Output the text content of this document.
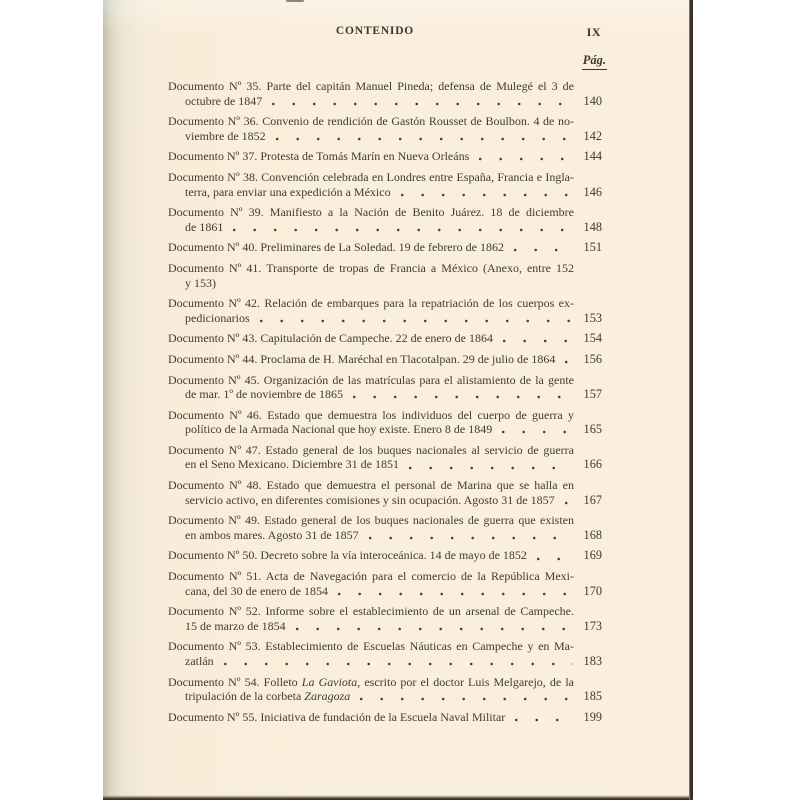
CONTENIDO	IX
Pág.
Documento Nº 35. Parte del capitán Manuel Pineda; defensa de Mulegé el 3 de
octubre de 1847	140
Documento Nº 36. Convenio de rendición de Gastón Rousset de Boulbon. 4 de no-
viembre de 1852	142
Documento Nº 37. Protesta de Tomás Marín en Nueva Orleáns	144
Documento Nº 38. Convención celebrada en Londres entre España, Francia e Ingla-
terra, para enviar una expedición a México	146
Documento Nº 39. Manifiesto a la Nación de Benito Juárez. 18 de diciembre
de 1861	148
Documento Nº 40. Preliminares de La Soledad. 19 de febrero de 1862	151
Documento Nº 41. Transporte de tropas de Francia a México (Anexo, entre 152
y 153)
Documento Nº 42. Relación de embarques para la repatriación de los cuerpos ex-
pedicionarios	153
Documento Nº 43. Capitulación de Campeche. 22 de enero de 1864	154
Documento Nº 44. Proclama de H. Maréchal en Tlacotalpan. 29 de julio de 1864 156
Documento Nº 45. Organización de las matrículas para el alistamiento de la gente
de mar. 1º de noviembre de 1865	157
Documento Nº 46. Estado que demuestra los individuos del cuerpo de guerra y
político de la Armada Nacional que hoy existe. Enero 8 de 1849	165
Documento Nº 47. Estado general de los buques nacionales al servicio de guerra
en el Seno Mexicano. Diciembre 31 de 1851	166
Documento Nº 48. Estado que demuestra el personal de Marina que se halla en
servicio activo, en diferentes comisiones y sin ocupación. Agosto 31 de 1857 167
Documento Nº 49. Estado general de los buques nacionales de guerra que existen
en ambos mares. Agosto 31 de 1857	168
Documento Nº 50. Decreto sobre la vía interoceánica. 14 de mayo de 1852	169
Documento Nº 51. Acta de Navegación para el comercio de la República Mexi-
cana, del 30 de enero de 1854	170
Documento Nº 52. Informe sobre el establecimiento de un arsenal de Campeche.
15 de marzo de 1854	173
Documento Nº 53. Establecimiento de Escuelas Náuticas en Campeche y en Ma-
zatlán	183
Documento Nº 54. Folleto La Gaviota, escrito por el doctor Luis Melgarejo, de la
tripulación de la corbeta Zaragoza	185
Documento Nº 55. Iniciativa de fundación de la Escuela Naval Militar	199
